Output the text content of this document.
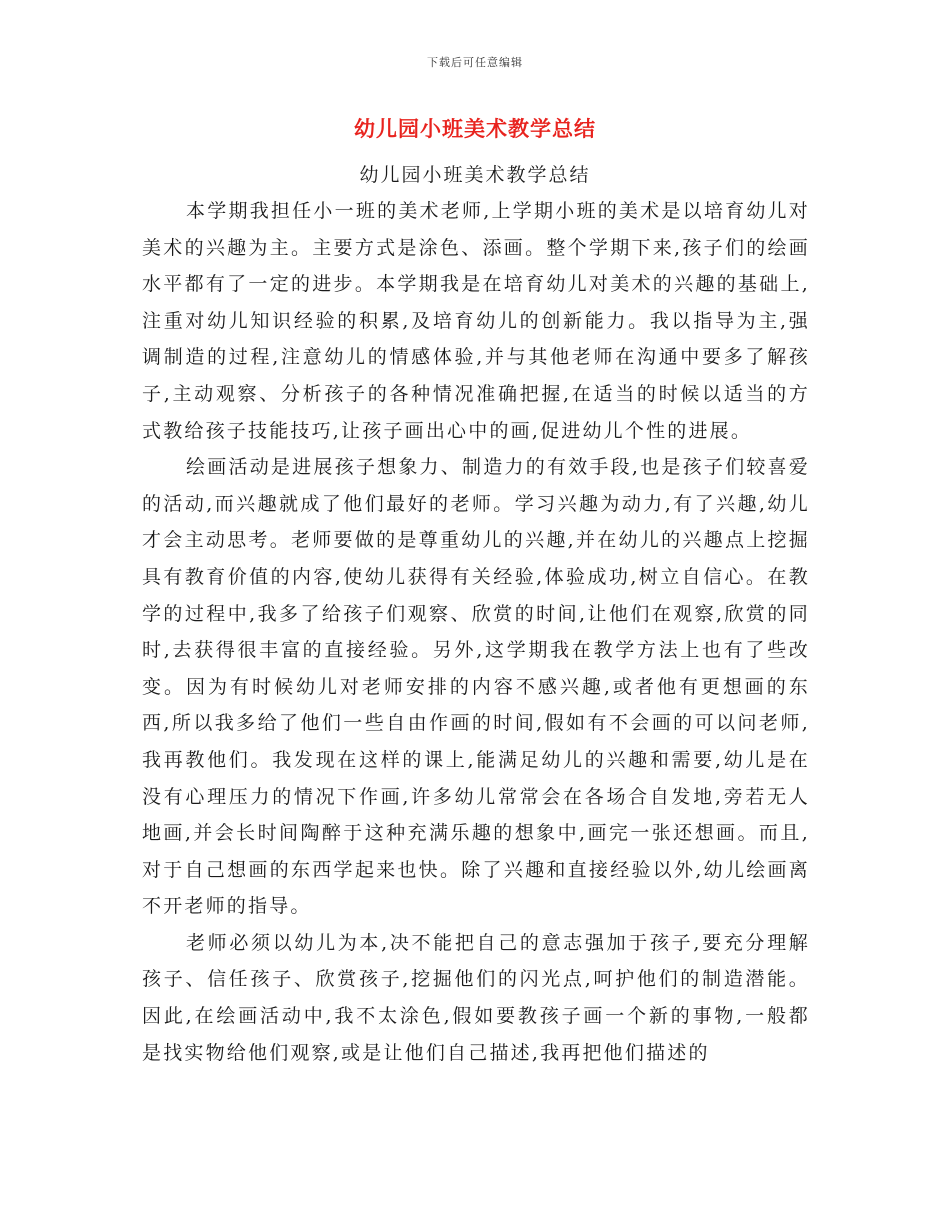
下载后可任意编辑
幼儿园小班美术教学总结
幼儿园小班美术教学总结

本学期我担任小一班的美术老师,上学期小班的美术是以培育幼儿对美术的兴趣为主。主要方式是涂色、添画。整个学期下来,孩子们的绘画水平都有了一定的进步。本学期我是在培育幼儿对美术的兴趣的基础上,注重对幼儿知识经验的积累,及培育幼儿的创新能力。我以指导为主,强调制造的过程,注意幼儿的情感体验,并与其他老师在沟通中要多了解孩子,主动观察、分析孩子的各种情况准确把握,在适当的时候以适当的方式教给孩子技能技巧,让孩子画出心中的画,促进幼儿个性的进展。

绘画活动是进展孩子想象力、制造力的有效手段,也是孩子们较喜爱的活动,而兴趣就成了他们最好的老师。学习兴趣为动力,有了兴趣,幼儿才会主动思考。老师要做的是尊重幼儿的兴趣,并在幼儿的兴趣点上挖掘具有教育价值的内容,使幼儿获得有关经验,体验成功,树立自信心。在教学的过程中,我多了给孩子们观察、欣赏的时间,让他们在观察,欣赏的同时,去获得很丰富的直接经验。另外,这学期我在教学方法上也有了些改变。因为有时候幼儿对老师安排的内容不感兴趣,或者他有更想画的东西,所以我多给了他们一些自由作画的时间,假如有不会画的可以问老师,我再教他们。我发现在这样的课上,能满足幼儿的兴趣和需要,幼儿是在没有心理压力的情况下作画,许多幼儿常常会在各场合自发地,旁若无人地画,并会长时间陶醉于这种充满乐趣的想象中,画完一张还想画。而且,对于自己想画的东西学起来也快。除了兴趣和直接经验以外,幼儿绘画离不开老师的指导。

老师必须以幼儿为本,决不能把自己的意志强加于孩子,要充分理解孩子、信任孩子、欣赏孩子,挖掘他们的闪光点,呵护他们的制造潜能。因此,在绘画活动中,我不太涂色,假如要教孩子画一个新的事物,一般都是找实物给他们观察,或是让他们自己描述,我再把他们描述的
